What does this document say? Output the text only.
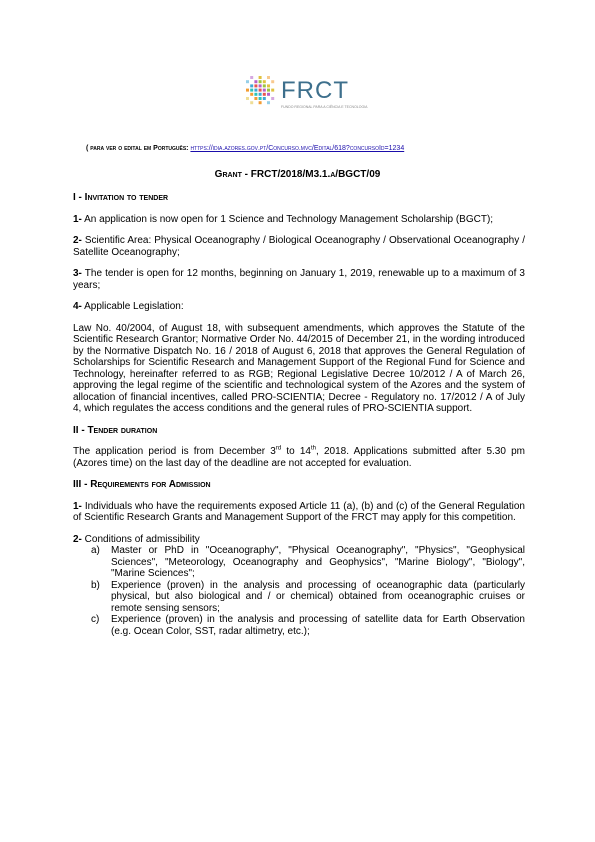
FRCT
FUNDO REGIONAL PARA A CIÊNCIA E TECNOLOGIA
( para ver o edital em Português: https://idia.azores.gov.pt/Concurso.mvc/Edital/618?concursoId=1234
Grant - FRCT/2018/M3.1.a/BGCT/09
I - Invitation to tender

1- An application is now open for 1 Science and Technology Management Scholarship (BGCT);

2- Scientific Area: Physical Oceanography / Biological Oceanography / Observational Oceanography / Satellite Oceanography;

3- The tender is open for 12 months, beginning on January 1, 2019, renewable up to a maximum of 3 years;

4- Applicable Legislation:

Law No. 40/2004, of August 18, with subsequent amendments, which approves the Statute of the Scientific Research Grantor; Normative Order No. 44/2015 of December 21, in the wording introduced by the Normative Dispatch No. 16 / 2018 of August 6, 2018 that approves the General Regulation of Scholarships for Scientific Research and Management Support of the Regional Fund for Science and Technology, hereinafter referred to as RGB; Regional Legislative Decree 10/2012 / A of March 26, approving the legal regime of the scientific and technological system of the Azores and the system of allocation of financial incentives, called PRO-SCIENTIA; Decree - Regulatory no. 17/2012 / A of July 4, which regulates the access conditions and the general rules of PRO-SCIENTIA support.

II - Tender duration

The application period is from December 3rd to 14th, 2018. Applications submitted after 5.30 pm (Azores time) on the last day of the deadline are not accepted for evaluation.

III - Requirements for Admission

1- Individuals who have the requirements exposed Article 11 (a), (b) and (c) of the General Regulation of Scientific Research Grants and Management Support of the FRCT may apply for this competition.

2- Conditions of admissibility

a) Master or PhD in "Oceanography", "Physical Oceanography", "Physics", "Geophysical Sciences", "Meteorology, Oceanography and Geophysics", "Marine Biology", "Biology", "Marine Sciences";
b) Experience (proven) in the analysis and processing of oceanographic data (particularly physical, but also biological and / or chemical) obtained from oceanographic cruises or remote sensing sensors;
c) Experience (proven) in the analysis and processing of satellite data for Earth Observation (e.g. Ocean Color, SST, radar altimetry, etc.);
